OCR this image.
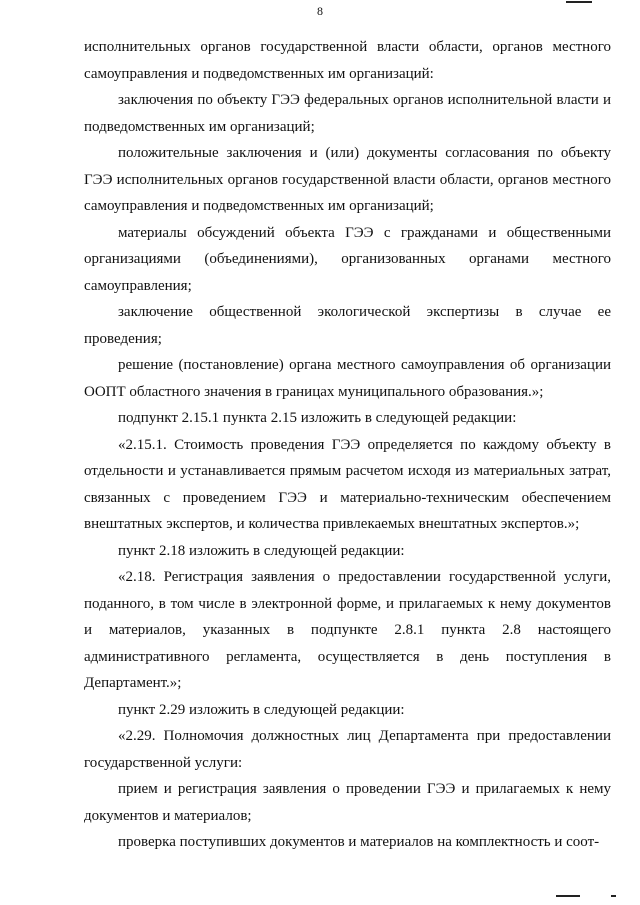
8

исполнительных органов государственной власти области, органов местного самоуправления и подведомственных им организаций:

заключения по объекту ГЭЭ федеральных органов исполнительной власти и подведомственных им организаций;

положительные заключения и (или) документы согласования по объекту ГЭЭ исполнительных органов государственной власти области, органов местного самоуправления и подведомственных им организаций;

материалы обсуждений объекта ГЭЭ с гражданами и общественными организациями (объединениями), организованных органами местного самоуправления;

заключение общественной экологической экспертизы в случае ее проведения;

решение (постановление) органа местного самоуправления об организации ООПТ областного значения в границах муниципального образования.»;

подпункт 2.15.1 пункта 2.15 изложить в следующей редакции:

«2.15.1. Стоимость проведения ГЭЭ определяется по каждому объекту в отдельности и устанавливается прямым расчетом исходя из материальных затрат, связанных с проведением ГЭЭ и материально-техническим обеспечением внештатных экспертов, и количества привлекаемых внештатных экспертов.»;

пункт 2.18 изложить в следующей редакции:

«2.18. Регистрация заявления о предоставлении государственной услуги, поданного, в том числе в электронной форме, и прилагаемых к нему документов и материалов, указанных в подпункте 2.8.1 пункта 2.8 настоящего административного регламента, осуществляется в день поступления в Департамент.»;

пункт 2.29 изложить в следующей редакции:

«2.29. Полномочия должностных лиц Департамента при предоставлении государственной услуги:

прием и регистрация заявления о проведении ГЭЭ и прилагаемых к нему документов и материалов;

проверка поступивших документов и материалов на комплектность и соот-
